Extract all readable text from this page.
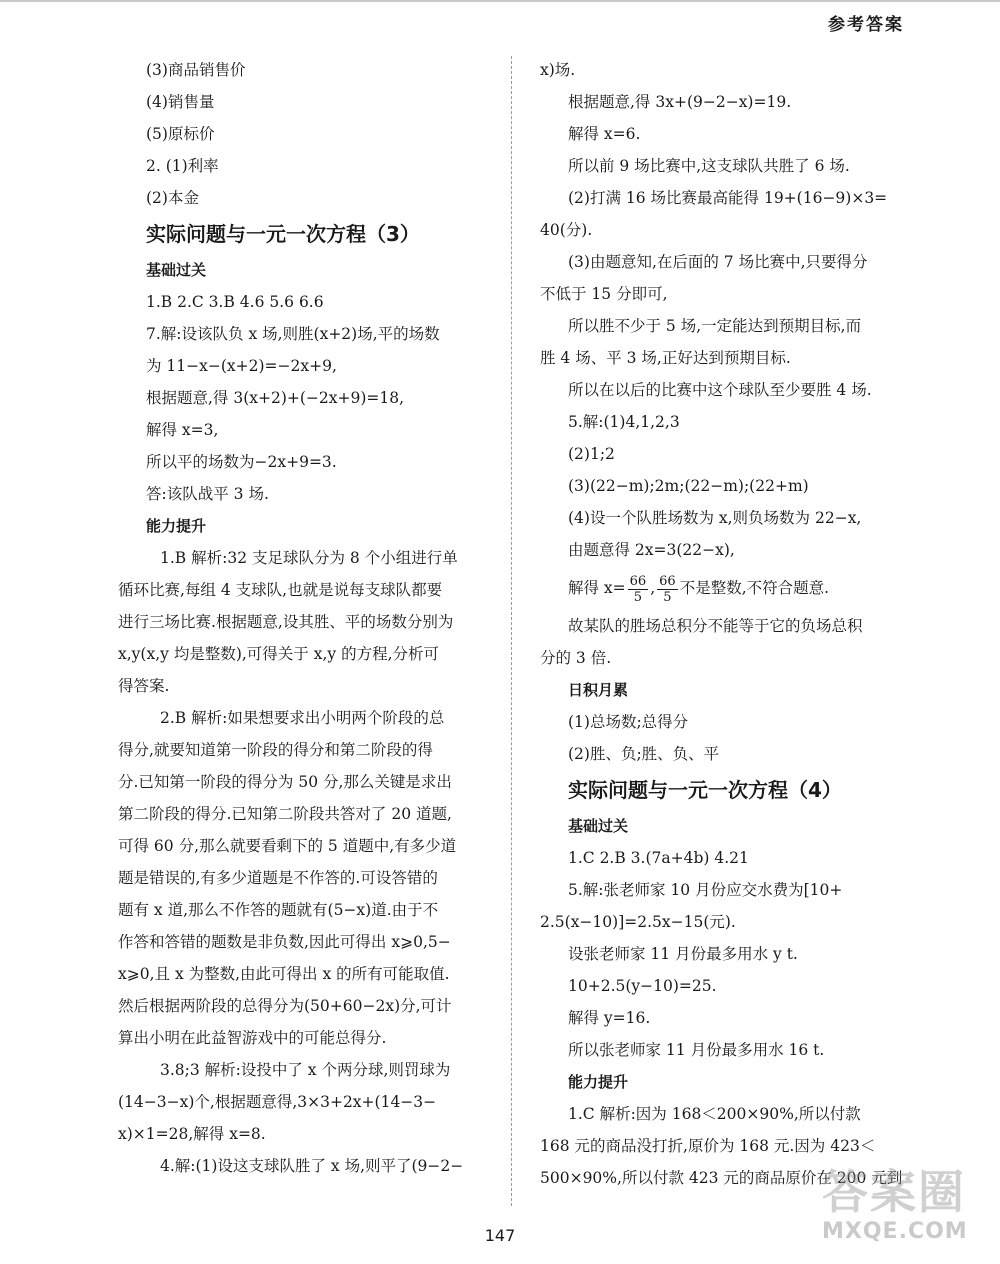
参考答案
(3)商品销售价
(4)销售量
(5)原标价
2. (1)利率
(2)本金
实际问题与一元一次方程（3）
基础过关
1.B 2.C 3.B 4.6 5.6 6.6
7.解:设该队负 x 场,则胜(x+2)场,平的场数
为 11−x−(x+2)=−2x+9,
根据题意,得 3(x+2)+(−2x+9)=18,
解得 x=3,
所以平的场数为−2x+9=3.
答:该队战平 3 场.
能力提升
1.B 解析:32 支足球队分为 8 个小组进行单
循环比赛,每组 4 支球队,也就是说每支球队都要
进行三场比赛.根据题意,设其胜、平的场数分别为
x,y(x,y 均是整数),可得关于 x,y 的方程,分析可
得答案.
2.B 解析:如果想要求出小明两个阶段的总
得分,就要知道第一阶段的得分和第二阶段的得
分.已知第一阶段的得分为 50 分,那么关键是求出
第二阶段的得分.已知第二阶段共答对了 20 道题,
可得 60 分,那么就要看剩下的 5 道题中,有多少道
题是错误的,有多少道题是不作答的.可设答错的
题有 x 道,那么不作答的题就有(5−x)道.由于不
作答和答错的题数是非负数,因此可得出 x⩾0,5−
x⩾0,且 x 为整数,由此可得出 x 的所有可能取值.
然后根据两阶段的总得分为(50+60−2x)分,可计
算出小明在此益智游戏中的可能总得分.
3.8;3 解析:设投中了 x 个两分球,则罚球为
(14−3−x)个,根据题意得,3×3+2x+(14−3−
x)×1=28,解得 x=8.
4.解:(1)设这支球队胜了 x 场,则平了(9−2−
x)场.
根据题意,得 3x+(9−2−x)=19.
解得 x=6.
所以前 9 场比赛中,这支球队共胜了 6 场.
(2)打满 16 场比赛最高能得 19+(16−9)×3=
40(分).
(3)由题意知,在后面的 7 场比赛中,只要得分
不低于 15 分即可,
所以胜不少于 5 场,一定能达到预期目标,而
胜 4 场、平 3 场,正好达到预期目标.
所以在以后的比赛中这个球队至少要胜 4 场.
5.解:(1)4,1,2,3
(2)1;2
(3)(22−m);2m;(22−m);(22+m)
(4)设一个队胜场数为 x,则负场数为 22−x,
由题意得 2x=3(22−x),
解得 $x= \frac{66}{5}$ , $\frac{66}{5}$ 不是整数,不符合题意.
故某队的胜场总积分不能等于它的负场总积
分的 3 倍.
日积月累
(1)总场数;总得分
(2)胜、负;胜、负、平
实际问题与一元一次方程（4）
基础过关
1.C 2.B 3.(7a+4b) 4.21
5.解:张老师家 10 月份应交水费为[10+
2.5(x−10)]=2.5x−15(元).
设张老师家 11 月份最多用水 y t.
10+2.5(y−10)=25.
解得 y=16.
所以张老师家 11 月份最多用水 16 t.
能力提升
1.C 解析:因为 168＜200×90%,所以付款
168 元的商品没打折,原价为 168 元.因为 423＜
500×90%,所以付款 423 元的商品原价在 200 元到
147
答案圈
MXQE.COM
